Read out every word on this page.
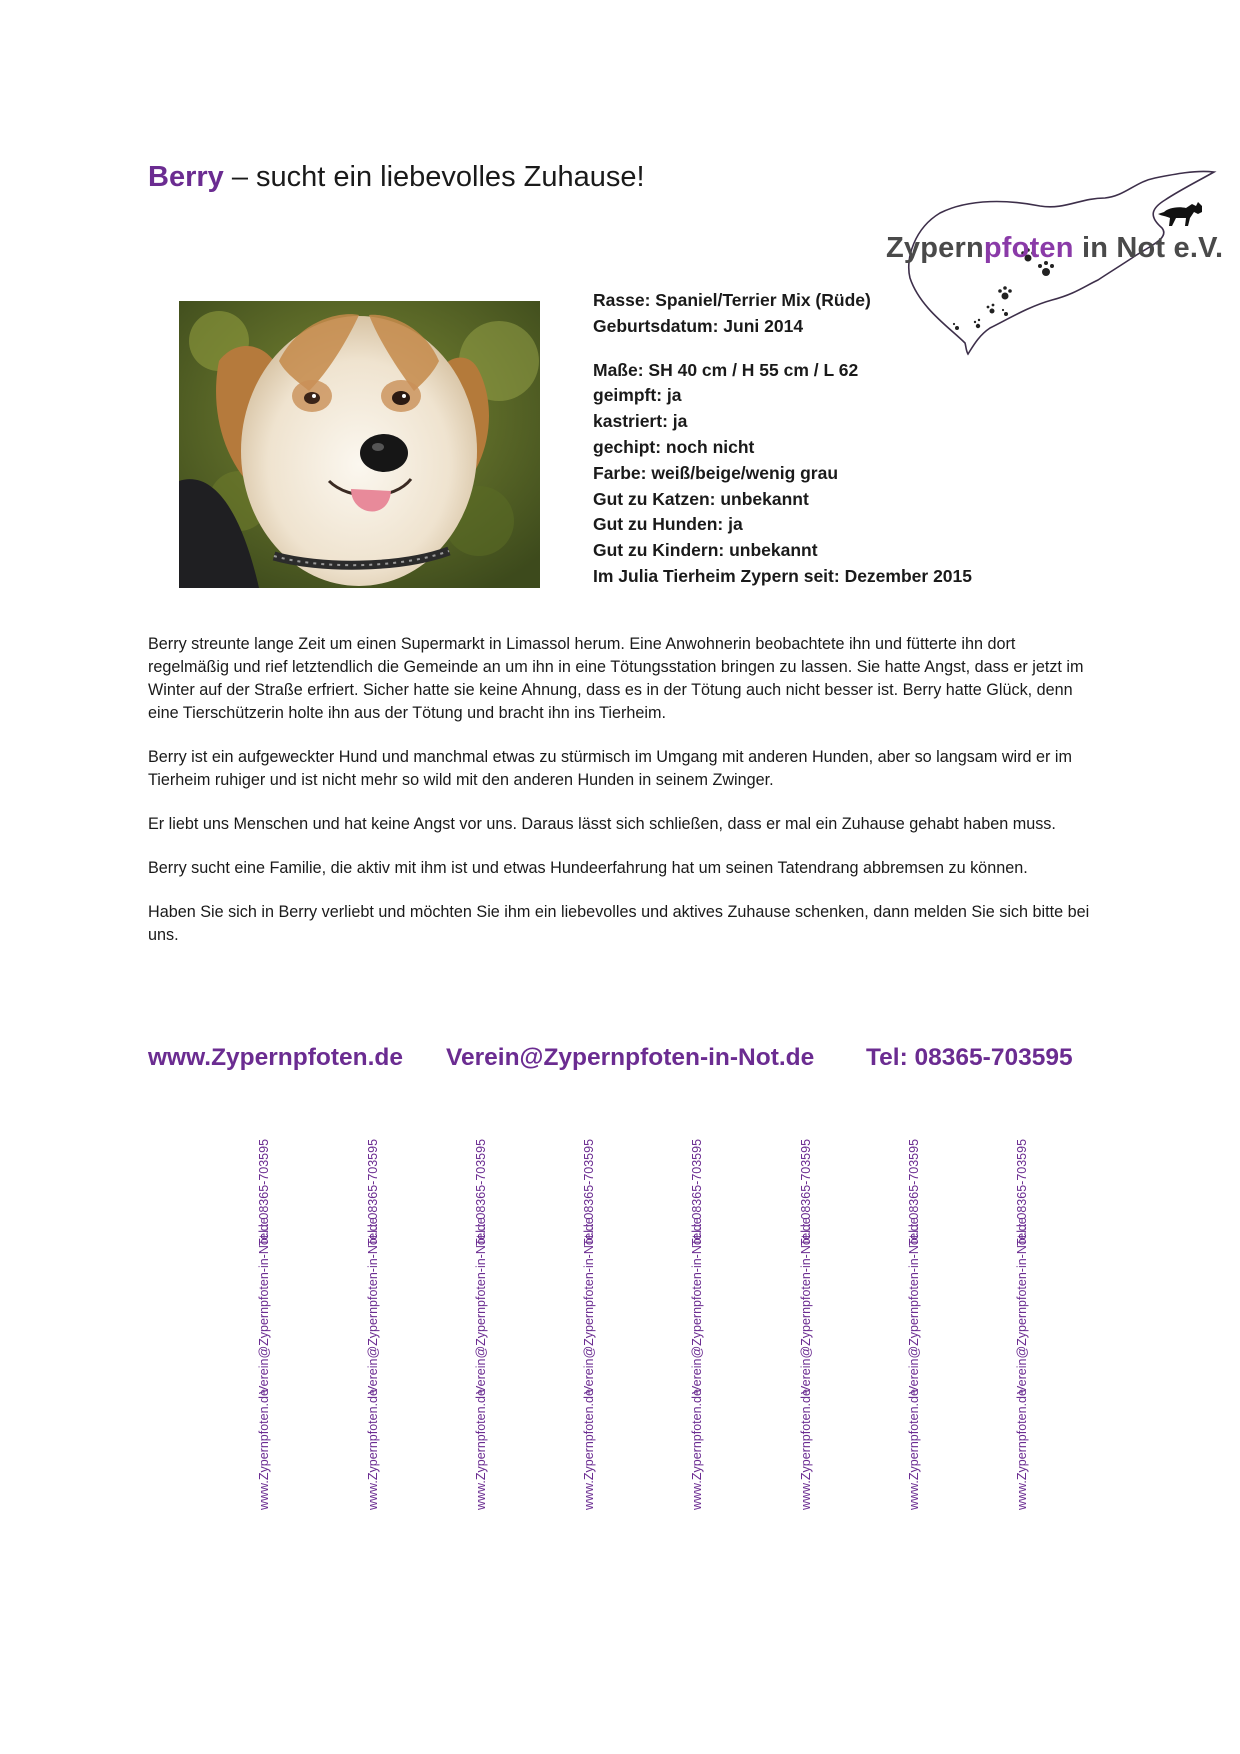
Berry – sucht ein liebevolles Zuhause!
Zypernpfoten in Not e.V.
Rasse: Spaniel/Terrier Mix (Rüde)
Geburtsdatum: Juni 2014
Maße: SH 40 cm / H 55 cm / L 62
geimpft: ja
kastriert: ja
gechipt: noch nicht
Farbe: weiß/beige/wenig grau
Gut zu Katzen: unbekannt
Gut zu Hunden: ja
Gut zu Kindern: unbekannt
Im Julia Tierheim Zypern seit: Dezember 2015

Berry streunte lange Zeit um einen Supermarkt in Limassol herum. Eine Anwohnerin beobachtete ihn und fütterte ihn dort regelmäßig und rief letztendlich die Gemeinde an um ihn in eine Tötungsstation bringen zu lassen. Sie hatte Angst, dass er jetzt im Winter auf der Straße erfriert. Sicher hatte sie keine Ahnung, dass es in der Tötung auch nicht besser ist. Berry hatte Glück, denn eine Tierschützerin holte ihn aus der Tötung und bracht ihn ins Tierheim.

Berry ist ein aufgeweckter Hund und manchmal etwas zu stürmisch im Umgang mit anderen Hunden, aber so langsam wird er im Tierheim ruhiger und ist nicht mehr so wild mit den anderen Hunden in seinem Zwinger.

Er liebt uns Menschen und hat keine Angst vor uns. Daraus lässt sich schließen, dass er mal ein Zuhause gehabt haben muss.

Berry sucht eine Familie, die aktiv mit ihm ist und etwas Hundeerfahrung hat um seinen Tatendrang abbremsen zu können.

Haben Sie sich in Berry verliebt und möchten Sie ihm ein liebevolles und aktives Zuhause schenken, dann melden Sie sich bitte bei uns.

www.Zypernpfoten.de Verein@Zypernpfoten-in-Not.de Tel: 08365-703595
www.Zypernpfoten.de
Verein@Zypernpfoten-in-Not.de
Tel.: 08365-703595
www.Zypernpfoten.de
Verein@Zypernpfoten-in-Not.de
Tel.: 08365-703595
www.Zypernpfoten.de
Verein@Zypernpfoten-in-Not.de
Tel.: 08365-703595
www.Zypernpfoten.de
Verein@Zypernpfoten-in-Not.de
Tel.: 08365-703595
www.Zypernpfoten.de
Verein@Zypernpfoten-in-Not.de
Tel.: 08365-703595
www.Zypernpfoten.de
Verein@Zypernpfoten-in-Not.de
Tel.: 08365-703595
www.Zypernpfoten.de
Verein@Zypernpfoten-in-Not.de
Tel.: 08365-703595
www.Zypernpfoten.de
Verein@Zypernpfoten-in-Not.de
Tel.: 08365-703595
